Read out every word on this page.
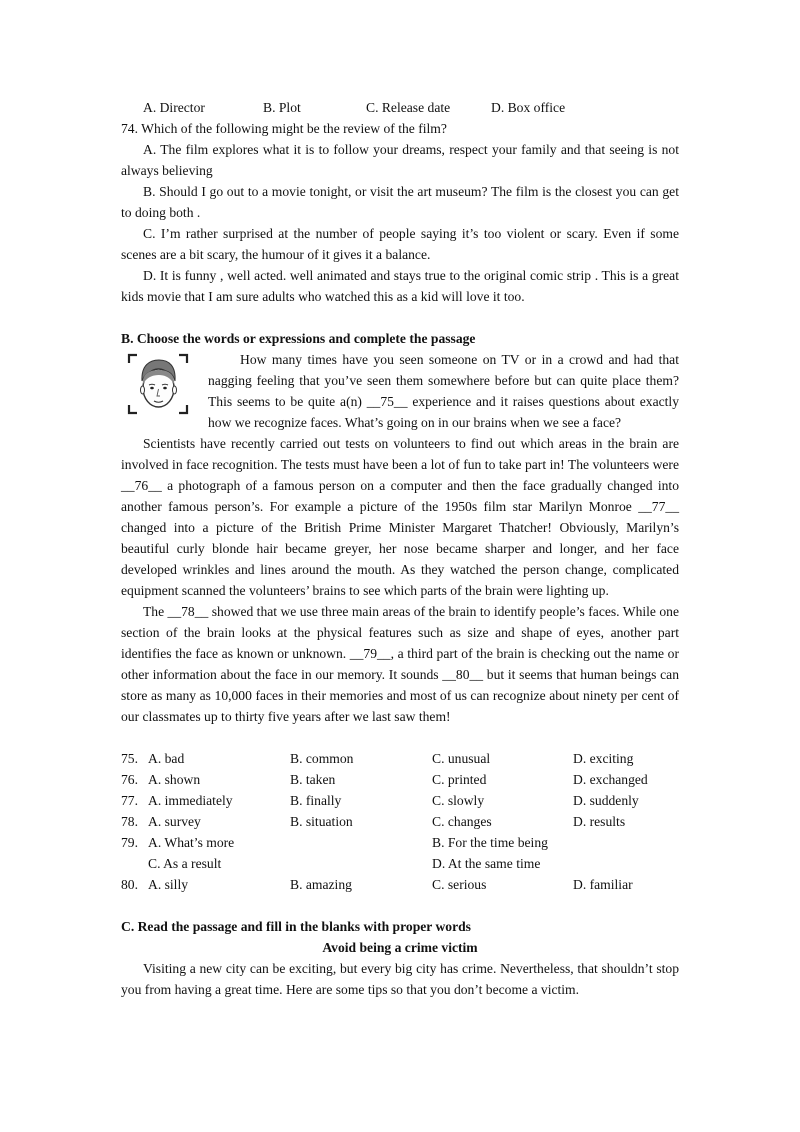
A. Director	B. Plot	C. Release date	D. Box office

74. Which of the following might be the review of the film?

A. The film explores what it is to follow your dreams, respect your family and that seeing is not always believing

B. Should I go out to a movie tonight, or visit the art museum? The film is the closest you can get to doing both .

C. I’m rather surprised at the number of people saying it’s too violent or scary. Even if some scenes are a bit scary, the humour of it gives it a balance.

D. It is funny , well acted. well animated and stays true to the original comic strip . This is a great kids movie that I am sure adults who watched this as a kid will love it too.

B. Choose the words or expressions and complete the passage

How many times have you seen someone on TV or in a crowd and had that nagging feeling that you’ve seen them somewhere before but can quite place them? This seems to be quite a(n) __75__ experience and it raises questions about exactly how we recognize faces. What’s going on in our brains when we see a face?

Scientists have recently carried out tests on volunteers to find out which areas in the brain are involved in face recognition. The tests must have been a lot of fun to take part in! The volunteers were __76__ a photograph of a famous person on a computer and then the face gradually changed into another famous person’s. For example a picture of the 1950s film star Marilyn Monroe __77__ changed into a picture of the British Prime Minister Margaret Thatcher! Obviously, Marilyn’s beautiful curly blonde hair became greyer, her nose became sharper and longer, and her face developed wrinkles and lines around the mouth. As they watched the person change, complicated equipment scanned the volunteers’ brains to see which parts of the brain were lighting up.

The __78__ showed that we use three main areas of the brain to identify people’s faces. While one section of the brain looks at the physical features such as size and shape of eyes, another part identifies the face as known or unknown. __79__, a third part of the brain is checking out the name or other information about the face in our memory. It sounds __80__ but it seems that human beings can store as many as 10,000 faces in their memories and most of us can recognize about ninety per cent of our classmates up to thirty five years after we last saw them!

75. A. bad	B. common	C. unusual	D. exciting
76. A. shown	B. taken	C. printed	D. exchanged
77. A. immediately	B. finally	C. slowly	D. suddenly
78. A. survey	B. situation	C. changes	D. results
79. A. What’s more	B. For the time being
C. As a result	D. At the same time
80. A. silly	B. amazing	C. serious	D. familiar

C. Read the passage and fill in the blanks with proper words

Avoid being a crime victim

Visiting a new city can be exciting, but every big city has crime. Nevertheless, that shouldn’t stop you from having a great time. Here are some tips so that you don’t become a victim.
